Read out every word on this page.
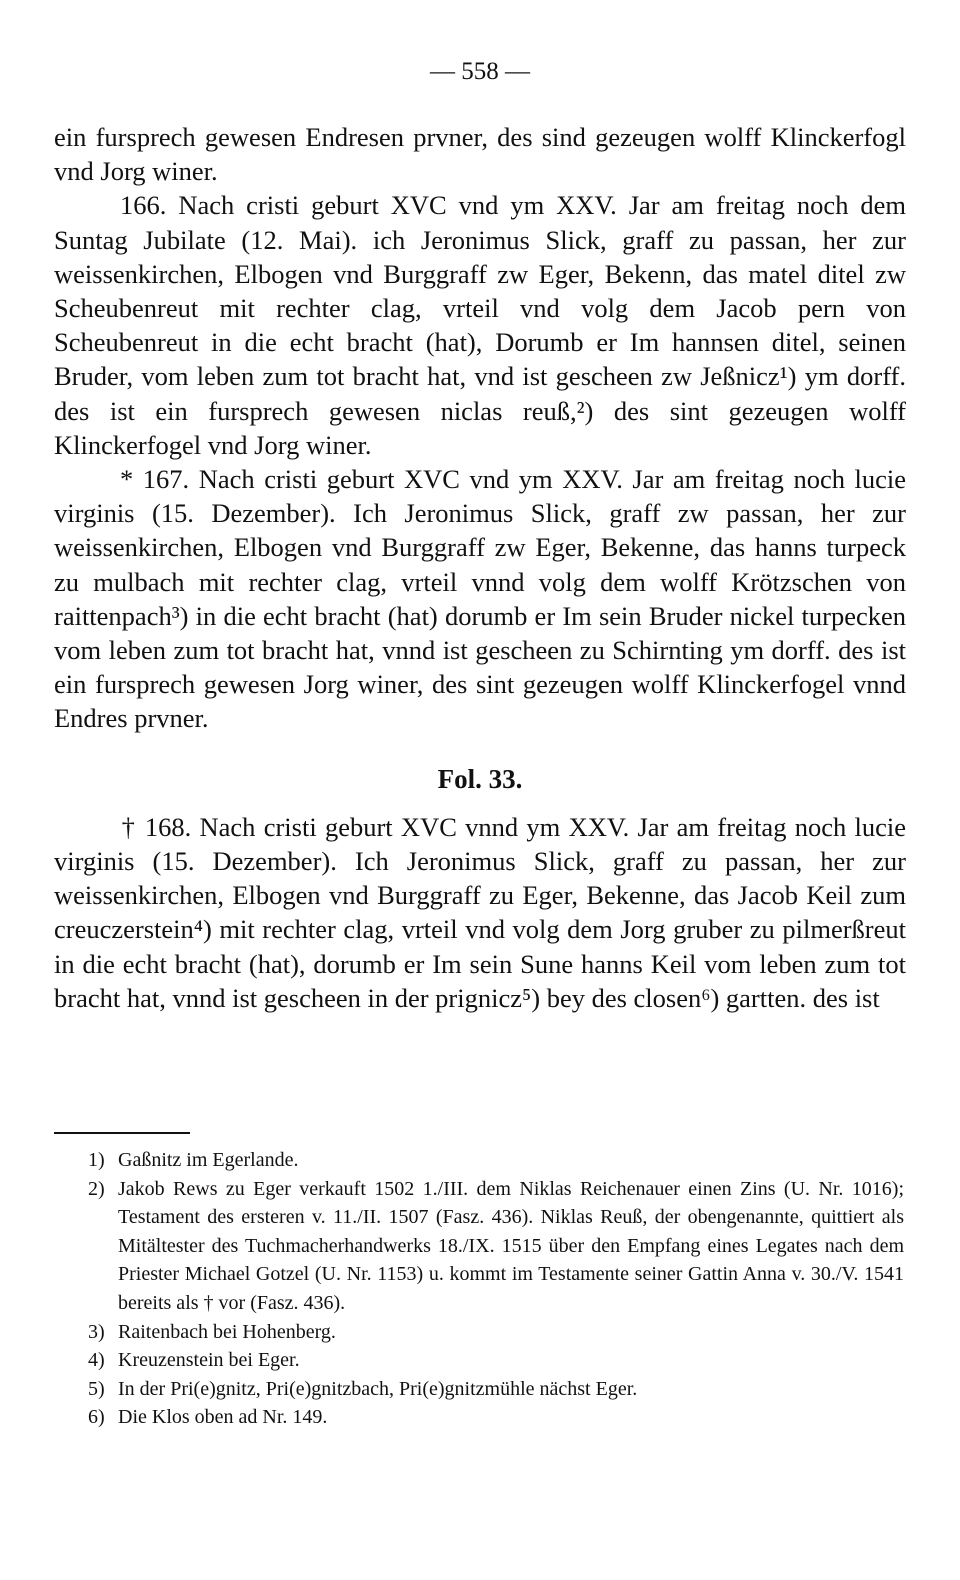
— 558 —

ein fursprech gewesen Endresen prvner, des sind gezeugen wolff Klinckerfogl vnd Jorg winer.

166. Nach cristi geburt XVC vnd ym XXV. Jar am freitag noch dem Suntag Jubilate (12. Mai). ich Jeronimus Slick, graff zu passan, her zur weissenkirchen, Elbogen vnd Burggraff zw Eger, Bekenn, das matel ditel zw Scheubenreut mit rechter clag, vrteil vnd volg dem Jacob pern von Scheubenreut in die echt bracht (hat), Dorumb er Im hannsen ditel, seinen Bruder, vom leben zum tot bracht hat, vnd ist gescheen zw Jeßnicz¹) ym dorff. des ist ein fursprech gewesen niclas reuß,²) des sint gezeugen wolff Klinckerfogel vnd Jorg winer.

* 167. Nach cristi geburt XVC vnd ym XXV. Jar am freitag noch lucie virginis (15. Dezember). Ich Jeronimus Slick, graff zw passan, her zur weissenkirchen, Elbogen vnd Burggraff zw Eger, Bekenne, das hanns turpeck zu mulbach mit rechter clag, vrteil vnnd volg dem wolff Krötzschen von raittenpach³) in die echt bracht (hat) dorumb er Im sein Bruder nickel turpecken vom leben zum tot bracht hat, vnnd ist gescheen zu Schirnting ym dorff. des ist ein fursprech gewesen Jorg winer, des sint gezeugen wolff Klinckerfogel vnnd Endres prvner.

Fol. 33.

† 168. Nach cristi geburt XVC vnnd ym XXV. Jar am freitag noch lucie virginis (15. Dezember). Ich Jeronimus Slick, graff zu passan, her zur weissenkirchen, Elbogen vnd Burggraff zu Eger, Bekenne, das Jacob Keil zum creuczerstein⁴) mit rechter clag, vrteil vnd volg dem Jorg gruber zu pilmerßreut in die echt bracht (hat), dorumb er Im sein Sune hanns Keil vom leben zum tot bracht hat, vnnd ist gescheen in der prignicz⁵) bey des closen⁶) gartten. des ist

1) Gaßnitz im Egerlande.

2) Jakob Rews zu Eger verkauft 1502 1./III. dem Niklas Reichenauer einen Zins (U. Nr. 1016); Testament des ersteren v. 11./II. 1507 (Fasz. 436). Niklas Reuß, der obengenannte, quittiert als Mitältester des Tuchmacherhandwerks 18./IX. 1515 über den Empfang eines Legates nach dem Priester Michael Gotzel (U. Nr. 1153) u. kommt im Testamente seiner Gattin Anna v. 30./V. 1541 bereits als † vor (Fasz. 436).

3) Raitenbach bei Hohenberg.

4) Kreuzenstein bei Eger.

5) In der Pri(e)gnitz, Pri(e)gnitzbach, Pri(e)gnitzmühle nächst Eger.

6) Die Klos oben ad Nr. 149.
